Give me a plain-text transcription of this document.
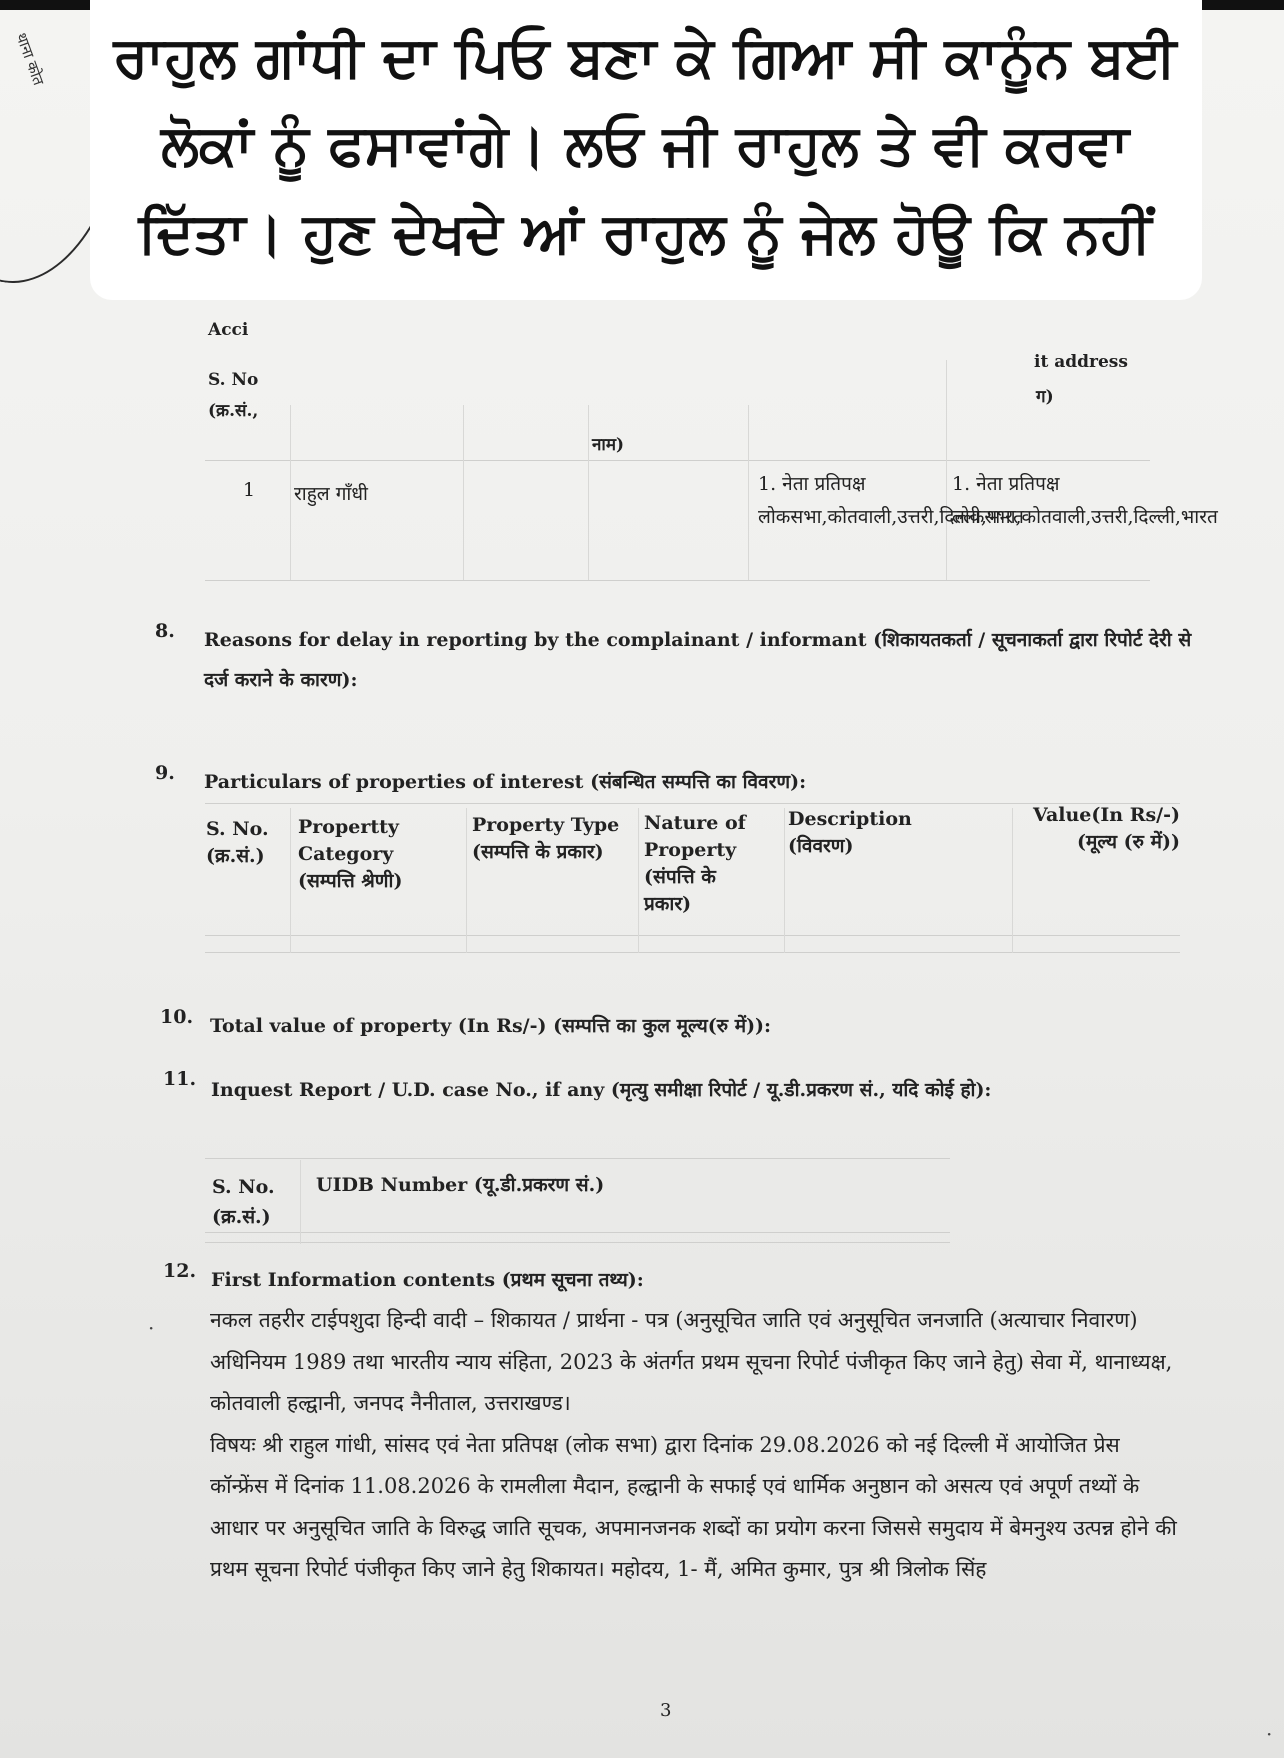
थाना कोत
Acci
S. No
(क्र.सं.,
it address
ग)
नाम)
1 राहुल गाँधी	1. नेता प्रतिपक्ष लोकसभा,कोतवाली,उत्तरी,दिल्ली,भारत
1. नेता प्रतिपक्ष लोकसभा,कोतवाली,उत्तरी,दिल्ली,भारत
8. Reasons for delay in reporting by the complainant / informant (शिकायतकर्ता / सूचनाकर्ता द्वारा रिपोर्ट देरी से दर्ज कराने के कारण):
9. Particulars of properties of interest (संबन्धित सम्पत्ति का विवरण):
S. No. (क्र.सं.)
Propertty Category (सम्पत्ति श्रेणी)
Property Type (सम्पत्ति के प्रकार)
Nature of Property (संपत्ति के प्रकार)
Description (विवरण)
Value(In Rs/-) (मूल्य (रु में))
10. Total value of property (In Rs/-) (सम्पत्ति का कुल मूल्य(रु में)):
11. Inquest Report / U.D. case No., if any (मृत्यु समीक्षा रिपोर्ट / यू.डी.प्रकरण सं., यदि कोई हो):
S. No. (क्र.सं.)
UIDB Number (यू.डी.प्रकरण सं.)
12. First Information contents (प्रथम सूचना तथ्य):

नकल तहरीर टाईपशुदा हिन्दी वादी – शिकायत / प्रार्थना - पत्र (अनुसूचित जाति एवं अनुसूचित जनजाति (अत्याचार निवारण) अधिनियम 1989 तथा भारतीय न्याय संहिता, 2023 के अंतर्गत प्रथम सूचना रिपोर्ट पंजीकृत किए जाने हेतु) सेवा में, थानाध्यक्ष, कोतवाली हल्द्वानी, जनपद नैनीताल, उत्तराखण्ड।

विषयः श्री राहुल गांधी, सांसद एवं नेता प्रतिपक्ष (लोक सभा) द्वारा दिनांक 29.08.2026 को नई दिल्ली में आयोजित प्रेस कॉन्फ्रेंस में दिनांक 11.08.2026 के रामलीला मैदान, हल्द्वानी के सफाई एवं धार्मिक अनुष्ठान को असत्य एवं अपूर्ण तथ्यों के आधार पर अनुसूचित जाति के विरुद्ध जाति सूचक, अपमानजनक शब्दों का प्रयोग करना जिससे समुदाय में बेमनुश्य उत्पन्न होने की प्रथम सूचना रिपोर्ट पंजीकृत किए जाने हेतु शिकायत। महोदय, 1- मैं, अमित कुमार, पुत्र श्री त्रिलोक सिंह

·
·
3
ਰਾਹੁਲ ਗਾਂਧੀ ਦਾ ਪਿਓ ਬਣਾ ਕੇ ਗਿਆ ਸੀ ਕਾਨੂੰਨ ਬਈ ਲੋਕਾਂ ਨੂੰ ਫਸਾਵਾਂਗੇ। ਲਓ ਜੀ ਰਾਹੁਲ ਤੇ ਵੀ ਕਰਵਾ ਦਿੱਤਾ। ਹੁਣ ਦੇਖਦੇ ਆਂ ਰਾਹੁਲ ਨੂੰ ਜੇਲ ਹੋਊ ਕਿ ਨਹੀਂ
